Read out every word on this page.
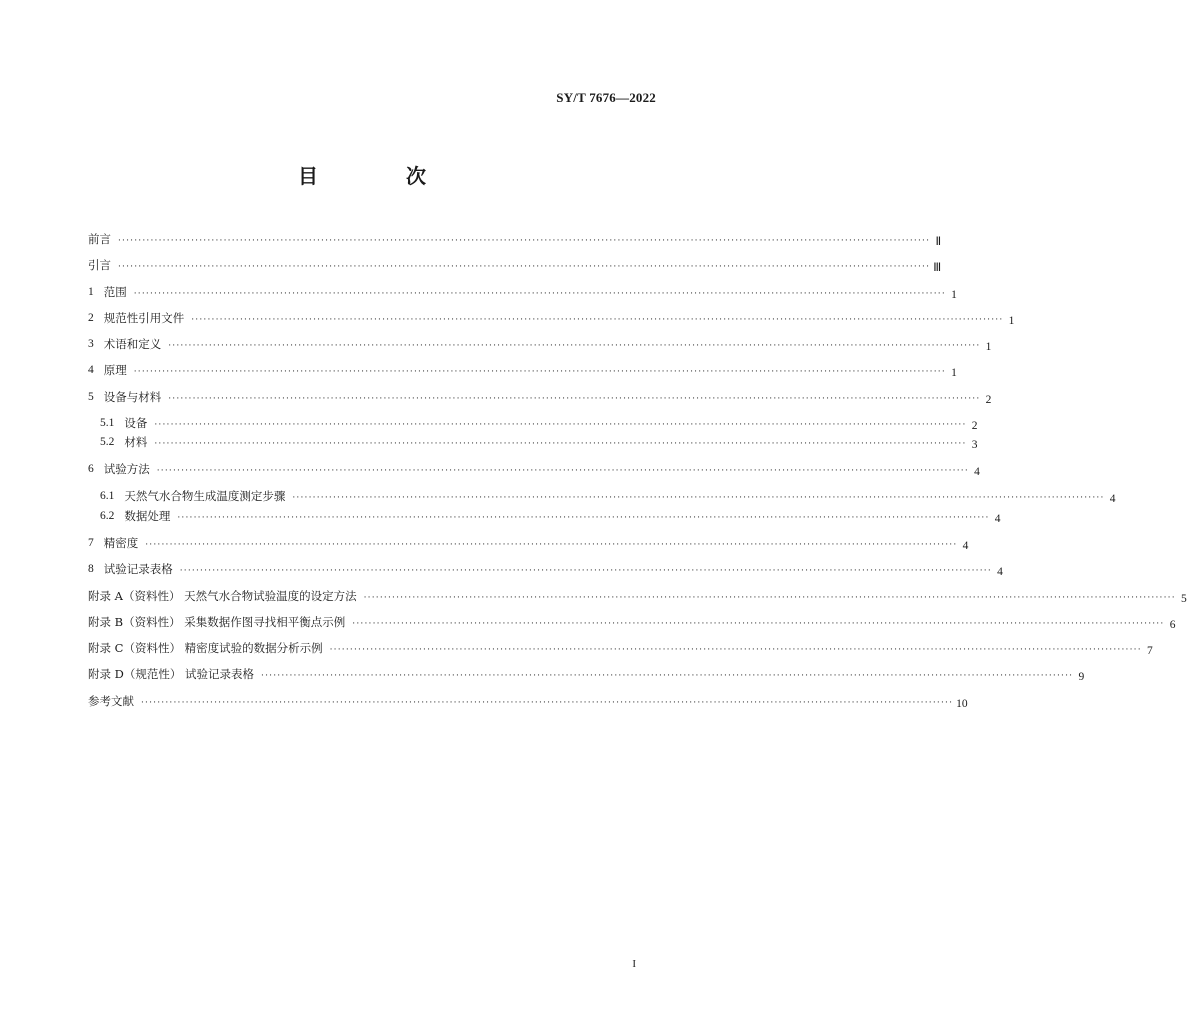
SY/T 7676—2022
目　次
前言 ········································································································································································································ Ⅱ
引言 ········································································································································································································ Ⅲ
1 范围 ········································································································································································································ 1
2 规范性引用文件 ········································································································································································································ 1
3 术语和定义 ········································································································································································································ 1
4 原理 ········································································································································································································ 1
5 设备与材料 ········································································································································································································ 2
5.1 设备 ········································································································································································································ 2
5.2 材料 ········································································································································································································ 3
6 试验方法 ········································································································································································································ 4
6.1 天然气水合物生成温度测定步骤 ········································································································································································································ 4
6.2 数据处理 ········································································································································································································ 4
7 精密度 ········································································································································································································ 4
8 试验记录表格 ········································································································································································································ 4
附录 A（资料性） 天然气水合物试验温度的设定方法 ········································································································································································································ 5
附录 B（资料性） 采集数据作图寻找相平衡点示例 ········································································································································································································ 6
附录 C（资料性） 精密度试验的数据分析示例 ········································································································································································································ 7
附录 D（规范性） 试验记录表格 ········································································································································································································ 9
参考文献 ········································································································································································································ 10
I
